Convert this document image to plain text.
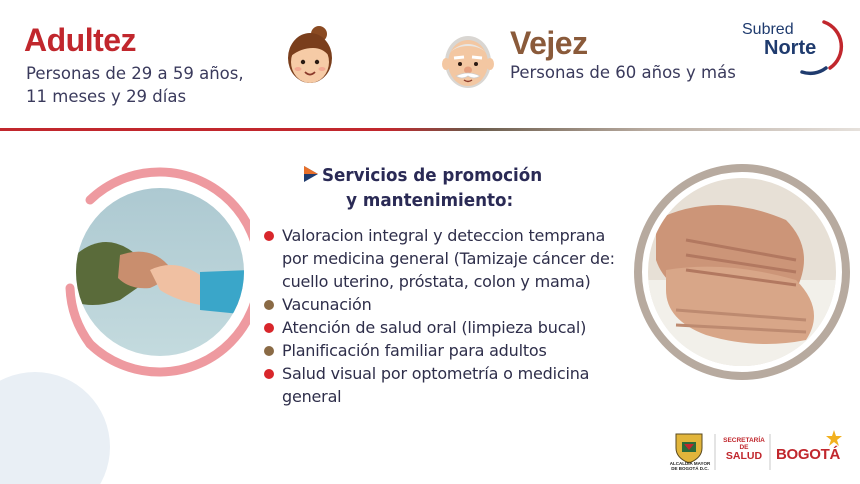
Adultez
Personas de 29 a 59 años,
11 meses y 29 días
Vejez
Personas de 60 años y más
Subred
Norte
Servicios de promoción
y mantenimiento:
Valoracion integral y deteccion temprana por medicina general (Tamizaje cáncer de: cuello uterino, próstata, colon y mama)
Vacunación
Atención de salud oral (limpieza bucal)
Planificación familiar para adultos
Salud visual por optometría o medicina general
ALCALDÍA MAYOR DE BOGOTÁ D.C.
SECRETARÍA DE
SALUD BOGOTÁ
